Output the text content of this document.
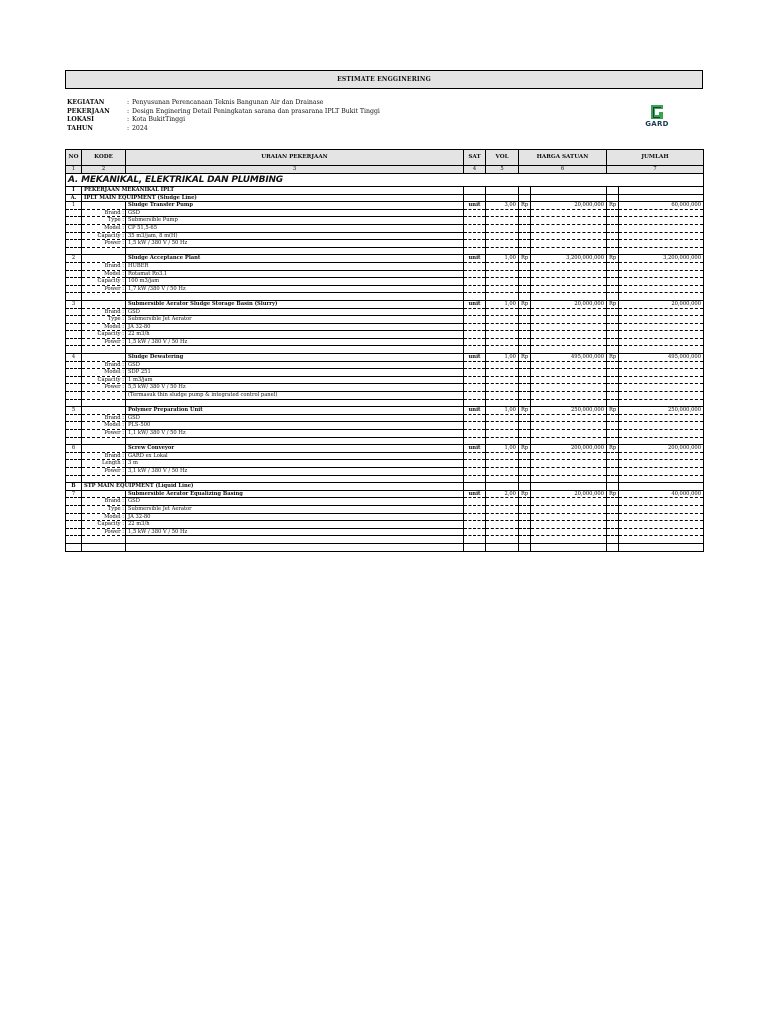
ESTIMATE ENGGINERING
KEGIATAN	: Penyusunan Perencanaan Teknis Bangunan Air dan Drainase
PEKERJAAN	: Design Enginering Detail Peningkatan sarana dan prasarana IPLT Bukit Tinggi
LOKASI	: Kota BukitTinggi
TAHUN	: 2024
GARD
NO	KODE	URAIAN PEKERJAAN	SAT	VOL	HARGA SATUAN		JUMLAH	
1	2	3	4	5	6		7	
A. MEKANIKAL, ELEKTRIKAL DAN PLUMBING								
I	PEKERJAAN MEKANIKAL IPLT							
A.	IPLT MAIN EQUIPMENT (Sludge Line)							
1		Sludge Transfer Pump	unit	3,00	Rp	20,000,000	Rp	60,000,000
	Brand :	GSD						
	Type :	Submersible Pump						
	Model :	CP 51,5-65						
	Capacity :	35 m3/jam, 8 m(H)						
	Power :	1,5 kW / 380 V / 50 Hz						

2		Sludge Acceptance Plant	unit	1,00	Rp	3,200,000,000	Rp	3,200,000,000
	Brand :	HUBER						
	Model :	Rotamat Ro3.1						
	Capacity :	100 m3/jam						
	Power :	1,7 kW /380 V / 50 Hz						

3		Submersible Aerator Sludge Storage Basin (Slurry)	unit	1,00	Rp	20,000,000	Rp	20,000,000
	Brand :	GSD						
	Type :	Submersible Jet Aerator						
	Model :	JA 32-80						
	Capacity :	22 m3/h						
	Power :	1,5 kW / 380 V / 50 Hz						

4		Sludge Dewatering	unit	1,00	Rp	495,000,000	Rp	495,000,000
	Brand :	GSD						
	Model :	SDP 251						
	Capacity :	1 m3/jam						
	Power :	5,5 kW/ 380 V / 50 Hz						
		(Termasuk thin sludge pump & integrated control panel)						

5		Polymer Preparation Unit	unit	1,00	Rp	250,000,000	Rp	250,000,000
	Brand :	GSD						
	Model :	PLS-500						
	Power :	1,1 kW/ 380 V / 50 Hz						

6		Screw Conveyor	unit	1,00	Rp	200,000,000	Rp	200,000,000
	Brand :	GARD ex Lokal						
	Length :	3 m						
	Power :	3,1 kW / 380 V / 50 Hz						

B	STP MAIN EQUIPMENT (Liquid Line)							
7		Submersible Aerator Equalizing Basing	unit	2,00	Rp	20,000,000	Rp	40,000,000
	Brand :	GSD						
	Type :	Submersible Jet Aerator						
	Model :	JA 32-80						
	Capacity :	22 m3/h						
	Power :	1,5 kW / 380 V / 50 Hz						
